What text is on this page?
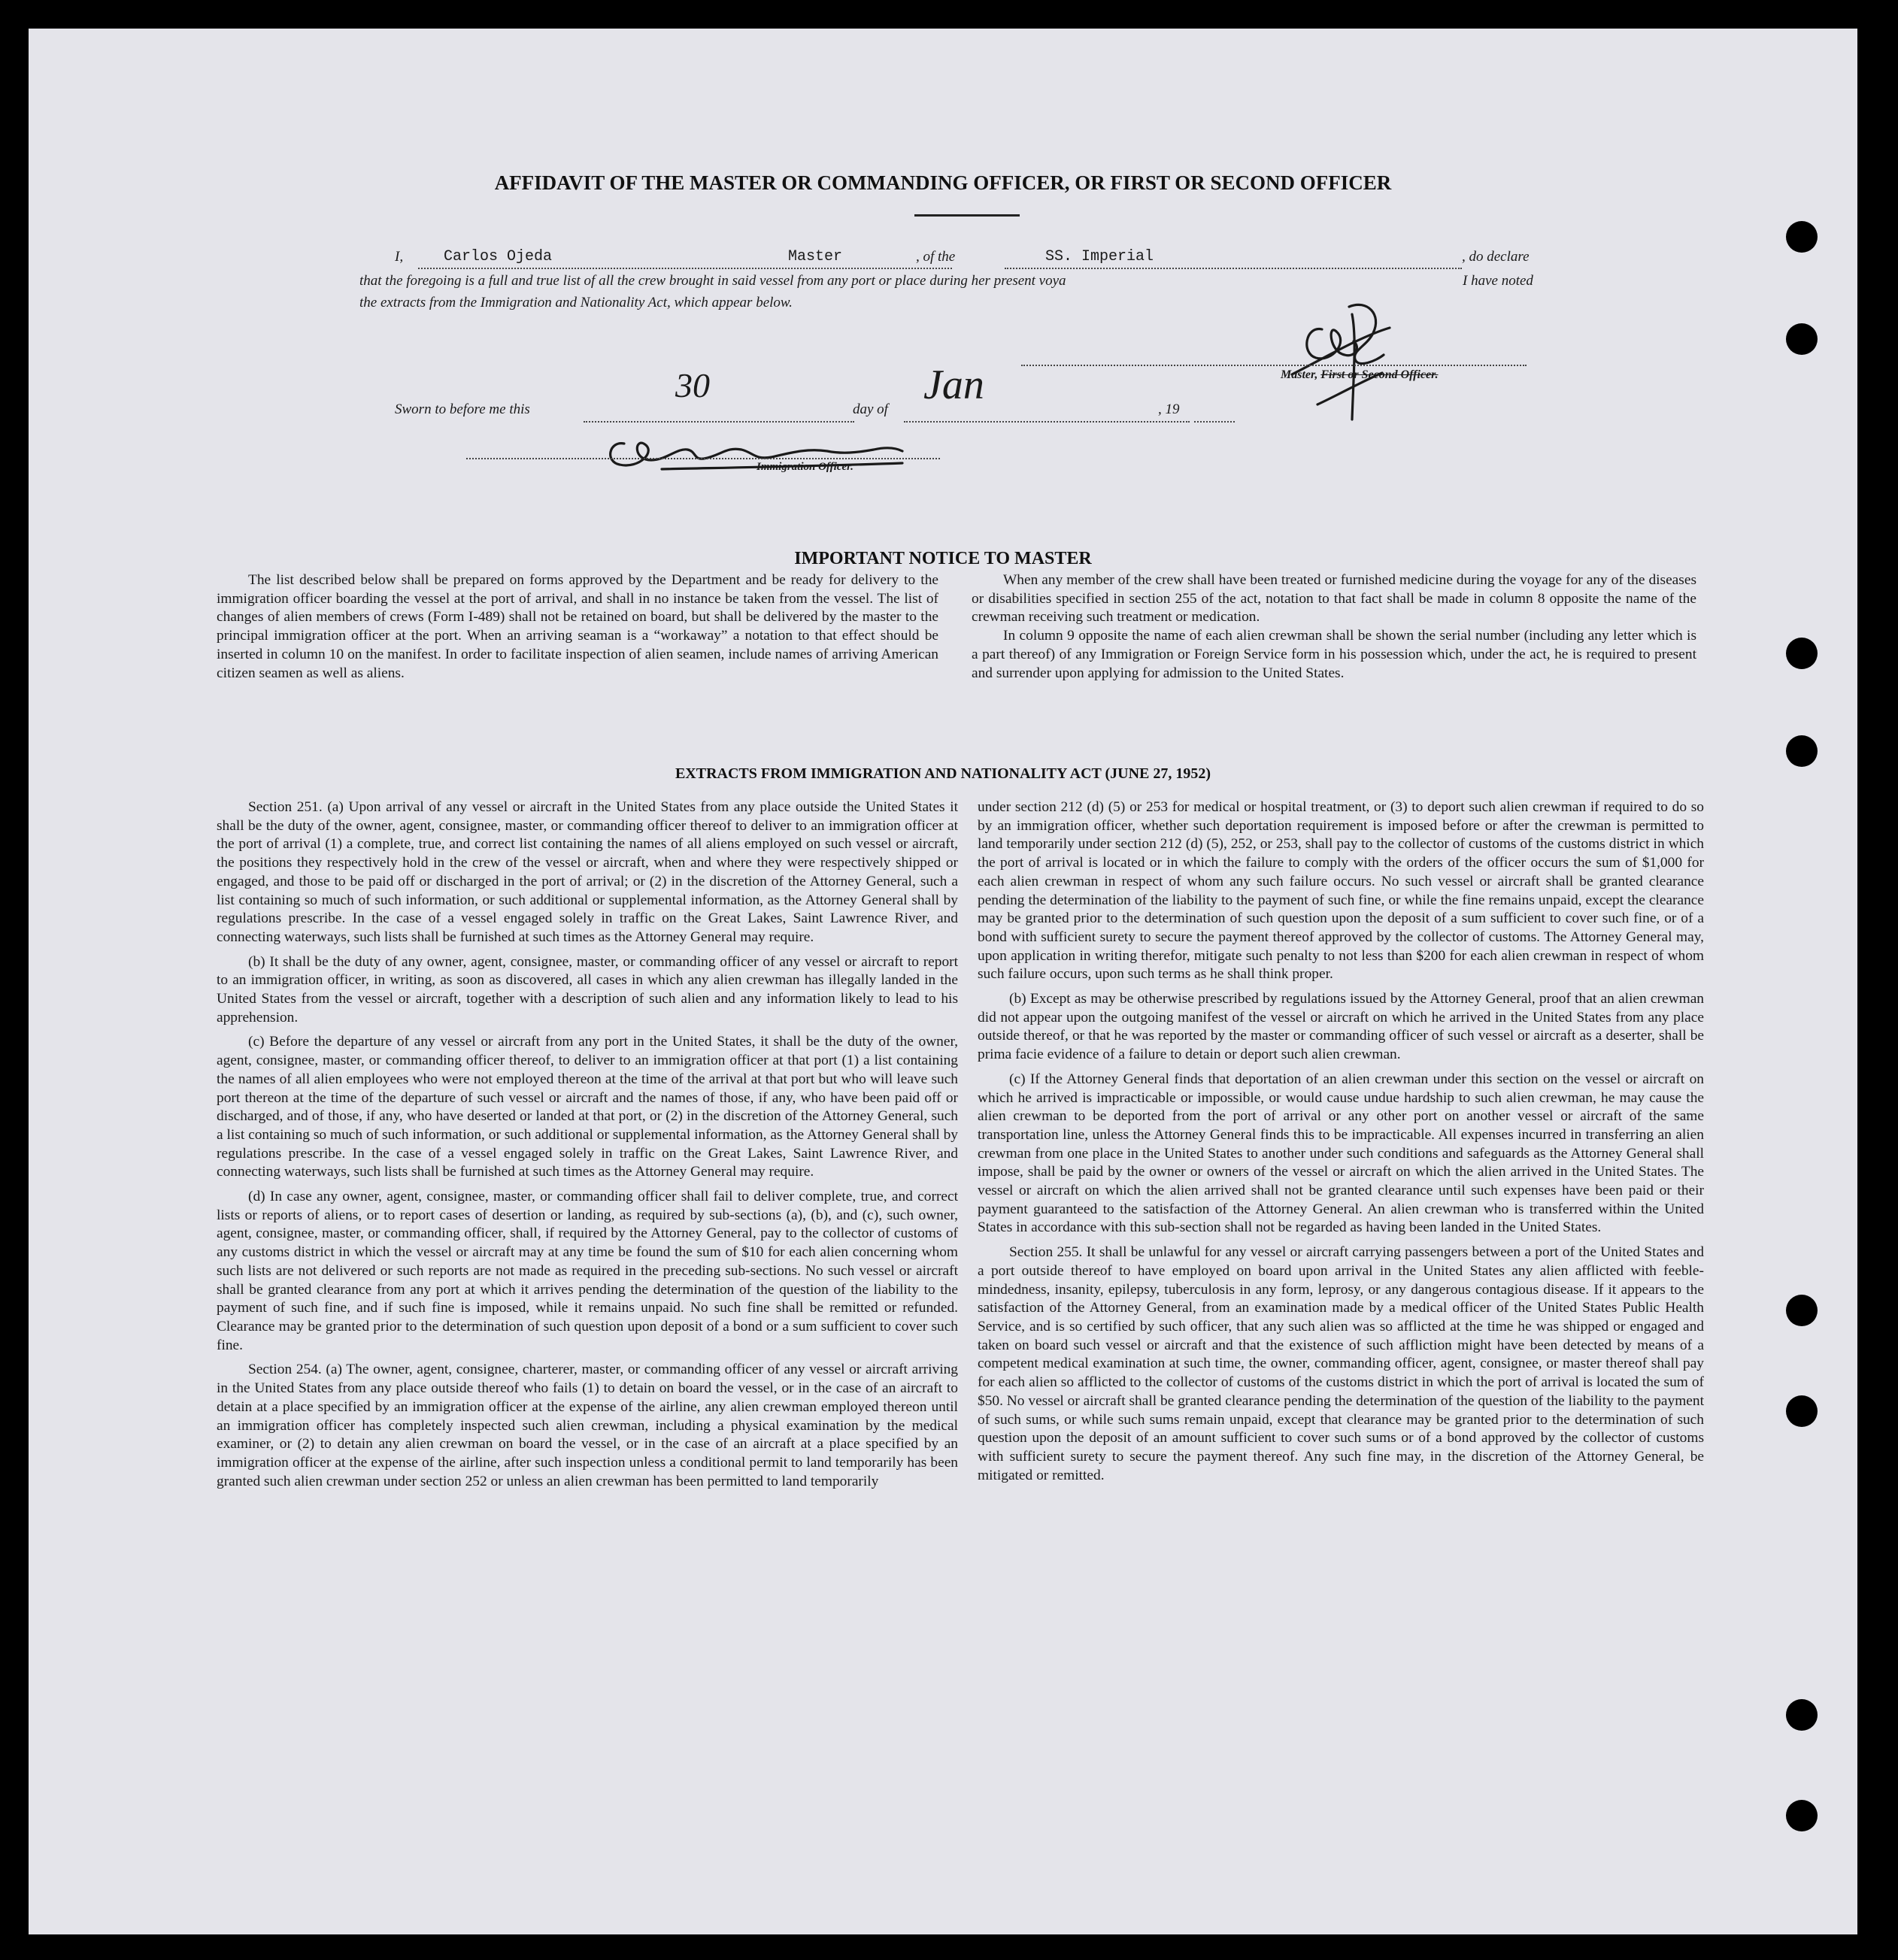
AFFIDAVIT OF THE MASTER OR COMMANDING OFFICER, OR FIRST OR SECOND OFFICER
I,	Carlos Ojeda	Master	, of the	SS. Imperial	, do declare
that the foregoing is a full and true list of all the crew brought in said vessel from any port or place during her present voya	I have noted
the extracts from the Immigration and Nationality Act, which appear below.
Master, First or Second Officer.
Sworn to before me this
30
day of
Jan
, 19
Immigration Officer.
IMPORTANT NOTICE TO MASTER

The list described below shall be prepared on forms approved by the Department and be ready for delivery to the immigration officer boarding the vessel at the port of arrival, and shall in no instance be taken from the vessel. The list of changes of alien members of crews (Form I-489) shall not be retained on board, but shall be delivered by the master to the principal immigration officer at the port. When an arriving seaman is a “workaway” a notation to that effect should be inserted in column 10 on the manifest. In order to facilitate inspection of alien seamen, include names of arriving American citizen seamen as well as aliens.

When any member of the crew shall have been treated or furnished medicine during the voyage for any of the diseases or disabilities specified in section 255 of the act, notation to that fact shall be made in column 8 opposite the name of the crewman receiving such treatment or medication.

In column 9 opposite the name of each alien crewman shall be shown the serial number (including any letter which is a part thereof) of any Immigration or Foreign Service form in his possession which, under the act, he is required to present and surrender upon applying for admission to the United States.

EXTRACTS FROM IMMIGRATION AND NATIONALITY ACT (JUNE 27, 1952)

Section 251. (a) Upon arrival of any vessel or aircraft in the United States from any place outside the United States it shall be the duty of the owner, agent, consignee, master, or commanding officer thereof to deliver to an immigration officer at the port of arrival (1) a complete, true, and correct list containing the names of all aliens employed on such vessel or aircraft, the positions they respectively hold in the crew of the vessel or aircraft, when and where they were respectively shipped or engaged, and those to be paid off or discharged in the port of arrival; or (2) in the discretion of the Attorney General, such a list containing so much of such information, or such additional or supplemental information, as the Attorney General shall by regulations prescribe. In the case of a vessel engaged solely in traffic on the Great Lakes, Saint Lawrence River, and connecting waterways, such lists shall be furnished at such times as the Attorney General may require.

(b) It shall be the duty of any owner, agent, consignee, master, or commanding officer of any vessel or aircraft to report to an immigration officer, in writing, as soon as discovered, all cases in which any alien crewman has illegally landed in the United States from the vessel or aircraft, together with a description of such alien and any information likely to lead to his apprehension.

(c) Before the departure of any vessel or aircraft from any port in the United States, it shall be the duty of the owner, agent, consignee, master, or commanding officer thereof, to deliver to an immigration officer at that port (1) a list containing the names of all alien employees who were not employed thereon at the time of the arrival at that port but who will leave such port thereon at the time of the departure of such vessel or aircraft and the names of those, if any, who have been paid off or discharged, and of those, if any, who have deserted or landed at that port, or (2) in the discretion of the Attorney General, such a list containing so much of such information, or such additional or supplemental information, as the Attorney General shall by regulations prescribe. In the case of a vessel engaged solely in traffic on the Great Lakes, Saint Lawrence River, and connecting waterways, such lists shall be furnished at such times as the Attorney General may require.

(d) In case any owner, agent, consignee, master, or commanding officer shall fail to deliver complete, true, and correct lists or reports of aliens, or to report cases of desertion or landing, as required by sub-sections (a), (b), and (c), such owner, agent, consignee, master, or commanding officer, shall, if required by the Attorney General, pay to the collector of customs of any customs district in which the vessel or aircraft may at any time be found the sum of $10 for each alien concerning whom such lists are not delivered or such reports are not made as required in the preceding sub-sections. No such vessel or aircraft shall be granted clearance from any port at which it arrives pending the determination of the question of the liability to the payment of such fine, and if such fine is imposed, while it remains unpaid. No such fine shall be remitted or refunded. Clearance may be granted prior to the determination of such question upon deposit of a bond or a sum sufficient to cover such fine.

Section 254. (a) The owner, agent, consignee, charterer, master, or commanding officer of any vessel or aircraft arriving in the United States from any place outside thereof who fails (1) to detain on board the vessel, or in the case of an aircraft to detain at a place specified by an immigration officer at the expense of the airline, any alien crewman employed thereon until an immigration officer has completely inspected such alien crewman, including a physical examination by the medical examiner, or (2) to detain any alien crewman on board the vessel, or in the case of an aircraft at a place specified by an immigration officer at the expense of the airline, after such inspection unless a conditional permit to land temporarily has been granted such alien crewman under section 252 or unless an alien crewman has been permitted to land temporarily

under section 212 (d) (5) or 253 for medical or hospital treatment, or (3) to deport such alien crewman if required to do so by an immigration officer, whether such deportation requirement is imposed before or after the crewman is permitted to land temporarily under section 212 (d) (5), 252, or 253, shall pay to the collector of customs of the customs district in which the port of arrival is located or in which the failure to comply with the orders of the officer occurs the sum of $1,000 for each alien crewman in respect of whom any such failure occurs. No such vessel or aircraft shall be granted clearance pending the determination of the liability to the payment of such fine, or while the fine remains unpaid, except the clearance may be granted prior to the determination of such question upon the deposit of a sum sufficient to cover such fine, or of a bond with sufficient surety to secure the payment thereof approved by the collector of customs. The Attorney General may, upon application in writing therefor, mitigate such penalty to not less than $200 for each alien crewman in respect of whom such failure occurs, upon such terms as he shall think proper.

(b) Except as may be otherwise prescribed by regulations issued by the Attorney General, proof that an alien crewman did not appear upon the outgoing manifest of the vessel or aircraft on which he arrived in the United States from any place outside thereof, or that he was reported by the master or commanding officer of such vessel or aircraft as a deserter, shall be prima facie evidence of a failure to detain or deport such alien crewman.

(c) If the Attorney General finds that deportation of an alien crewman under this section on the vessel or aircraft on which he arrived is impracticable or impossible, or would cause undue hardship to such alien crewman, he may cause the alien crewman to be deported from the port of arrival or any other port on another vessel or aircraft of the same transportation line, unless the Attorney General finds this to be impracticable. All expenses incurred in transferring an alien crewman from one place in the United States to another under such conditions and safeguards as the Attorney General shall impose, shall be paid by the owner or owners of the vessel or aircraft on which the alien arrived in the United States. The vessel or aircraft on which the alien arrived shall not be granted clearance until such expenses have been paid or their payment guaranteed to the satisfaction of the Attorney General. An alien crewman who is transferred within the United States in accordance with this sub-section shall not be regarded as having been landed in the United States.

Section 255. It shall be unlawful for any vessel or aircraft carrying passengers between a port of the United States and a port outside thereof to have employed on board upon arrival in the United States any alien afflicted with feeble-mindedness, insanity, epilepsy, tuberculosis in any form, leprosy, or any dangerous contagious disease. If it appears to the satisfaction of the Attorney General, from an examination made by a medical officer of the United States Public Health Service, and is so certified by such officer, that any such alien was so afflicted at the time he was shipped or engaged and taken on board such vessel or aircraft and that the existence of such affliction might have been detected by means of a competent medical examination at such time, the owner, commanding officer, agent, consignee, or master thereof shall pay for each alien so afflicted to the collector of customs of the customs district in which the port of arrival is located the sum of $50. No vessel or aircraft shall be granted clearance pending the determination of the question of the liability to the payment of such sums, or while such sums remain unpaid, except that clearance may be granted prior to the determination of such question upon the deposit of an amount sufficient to cover such sums or of a bond approved by the collector of customs with sufficient surety to secure the payment thereof. Any such fine may, in the discretion of the Attorney General, be mitigated or remitted.
